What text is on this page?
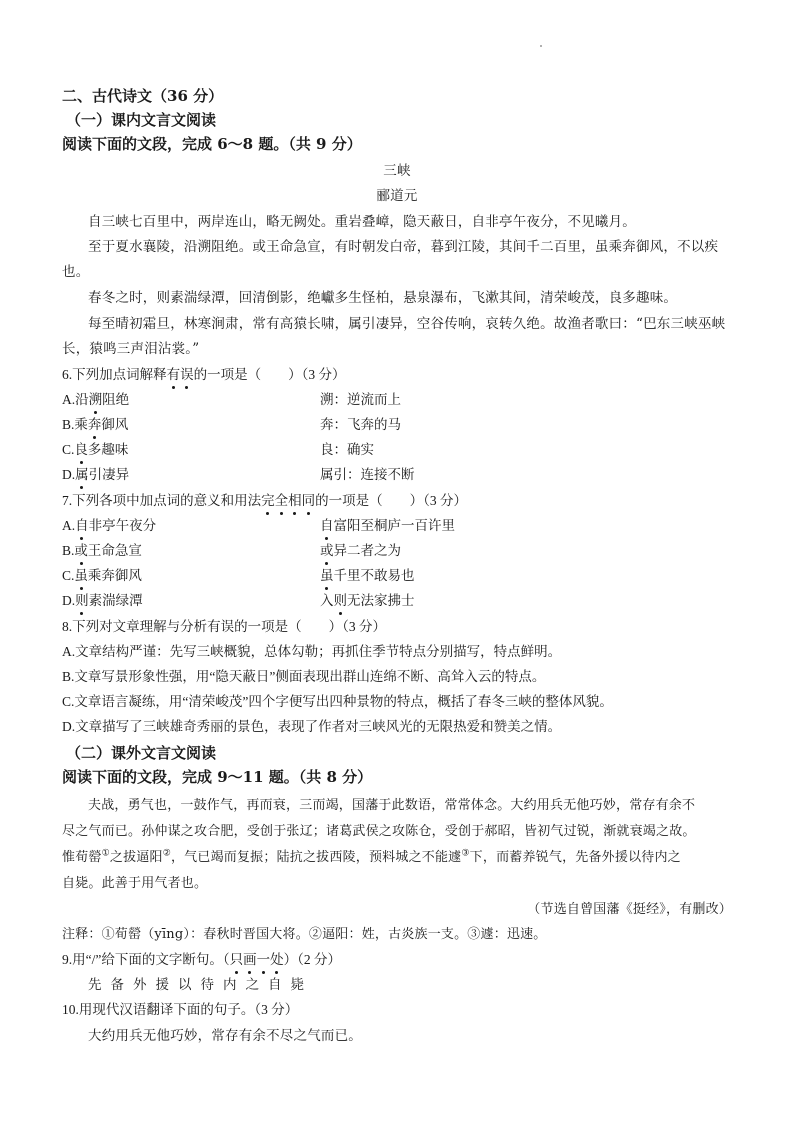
二、古代诗文（36 分）
（一）课内文言文阅读
阅读下面的文段，完成 6～8 题。（共 9 分）
三峡
郦道元
自三峡七百里中，两岸连山，略无阙处。重岩叠嶂，隐天蔽日，自非亭午夜分，不见曦月。
至于夏水襄陵，沿溯阻绝。或王命急宣，有时朝发白帝，暮到江陵，其间千二百里，虽乘奔御风，不以疾
也。
春冬之时，则素湍绿潭，回清倒影，绝巘多生怪柏，悬泉瀑布，飞漱其间，清荣峻茂，良多趣味。
每至晴初霜旦，林寒涧肃，常有高猿长啸，属引凄异，空谷传响，哀转久绝。故渔者歌曰：“巴东三峡巫峡
长，猿鸣三声泪沾裳。”
6.下列加点词解释有误的一项是（　　）（3 分）
A.沿溯阻绝	溯：逆流而上
B.乘奔御风	奔：飞奔的马
C.良多趣味	良：确实
D.属引凄异	属引：连接不断
7.下列各项中加点词的意义和用法完全相同的一项是（　　）（3 分）
A.自非亭午夜分	自富阳至桐庐一百许里
B.或王命急宣	或异二者之为
C.虽乘奔御风	虽千里不敢易也
D.则素湍绿潭	入则无法家拂士
8.下列对文章理解与分析有误的一项是（　　）（3 分）
A.文章结构严谨：先写三峡概貌，总体勾勒；再抓住季节特点分别描写，特点鲜明。
B.文章写景形象性强，用“隐天蔽日”侧面表现出群山连绵不断、高耸入云的特点。
C.文章语言凝练，用“清荣峻茂”四个字便写出四种景物的特点，概括了春冬三峡的整体风貌。
D.文章描写了三峡雄奇秀丽的景色，表现了作者对三峡风光的无限热爱和赞美之情。
（二）课外文言文阅读
阅读下面的文段，完成 9～11 题。（共 8 分）
夫战，勇气也，一鼓作气，再而衰，三而竭，国藩于此数语，常常体念。大约用兵无他巧妙，常存有余不
尽之气而已。孙仲谋之攻合肥，受创于张辽；诸葛武侯之攻陈仓，受创于郝昭，皆初气过锐，渐就衰竭之故。
惟荀罃①之拔逼阳②，气已竭而复振；陆抗之拔西陵，预料城之不能遽③下，而蓄养锐气，先备外援以待内之
自毙。此善于用气者也。
（节选自曾国藩《挺经》，有删改）
注释：①荀罃（yīng）：春秋时晋国大将。②逼阳：姓，古炎族一支。③遽：迅速。
9.用“/”给下面的文字断句。（只画一处）（2 分）
先备外援以待内之自毙
10.用现代汉语翻译下面的句子。（3 分）
大约用兵无他巧妙，常存有余不尽之气而已。
